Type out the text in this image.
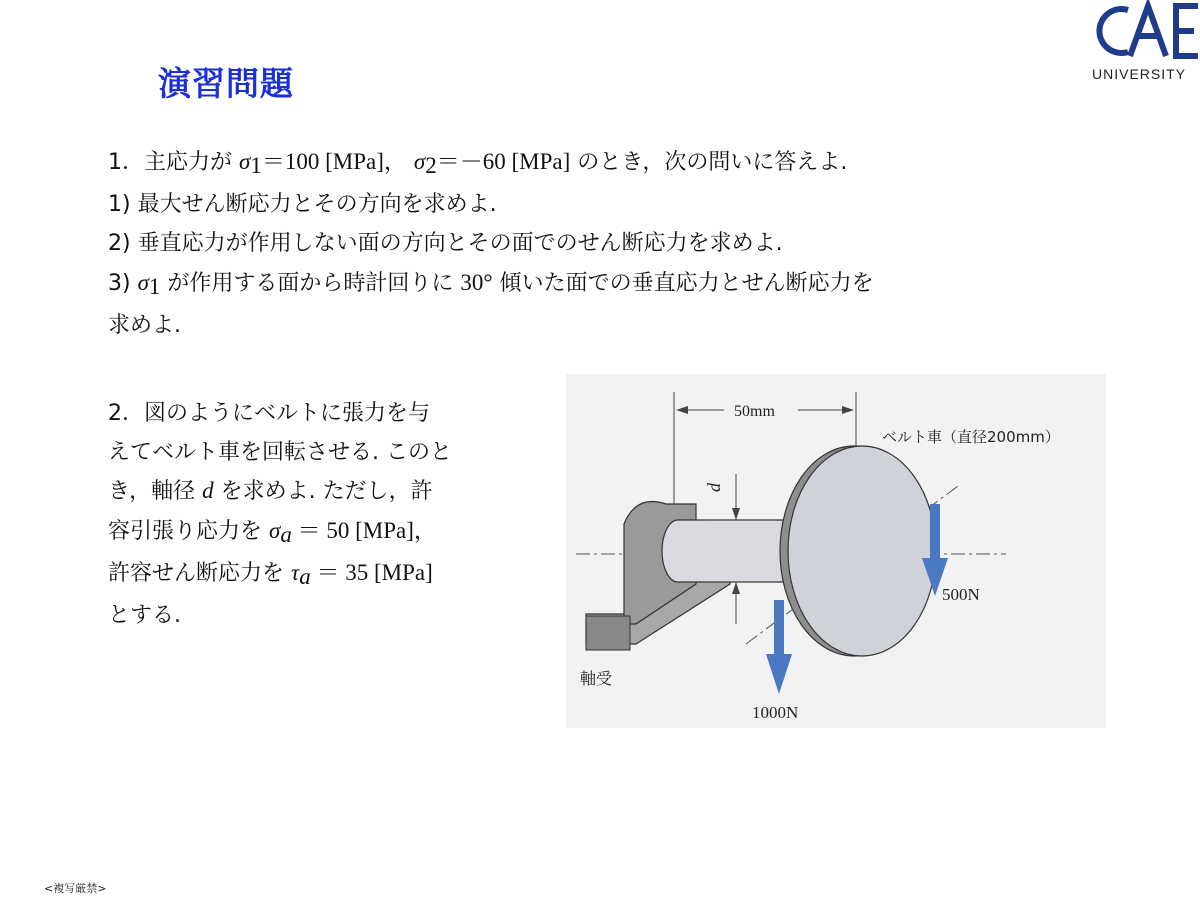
演習問題	UNIVERSITY
1．主応力が $\sigma_1=100$ [MPa]， $\sigma_2=-60$ [MPa] のとき，次の問いに答えよ.
1) 最大せん断応力とその方向を求めよ.
2) 垂直応力が作用しない面の方向とその面でのせん断応力を求めよ.
3) $\sigma_1$ が作用する面から時計回りに 30° 傾いた面での垂直応力とせん断応力を
求めよ.
2．図のようにベルトに張力を与
えてベルト車を回転させる. このと
き，軸径 d を求めよ. ただし，許
容引張り応力を $\sigma_a = 50$ [MPa]，
許容せん断応力を $\tau_a = 35$ [MPa]
とする.
50mm
d
ベルト車（直径200mm）
500N
1000N
軸受
<複写厳禁>
